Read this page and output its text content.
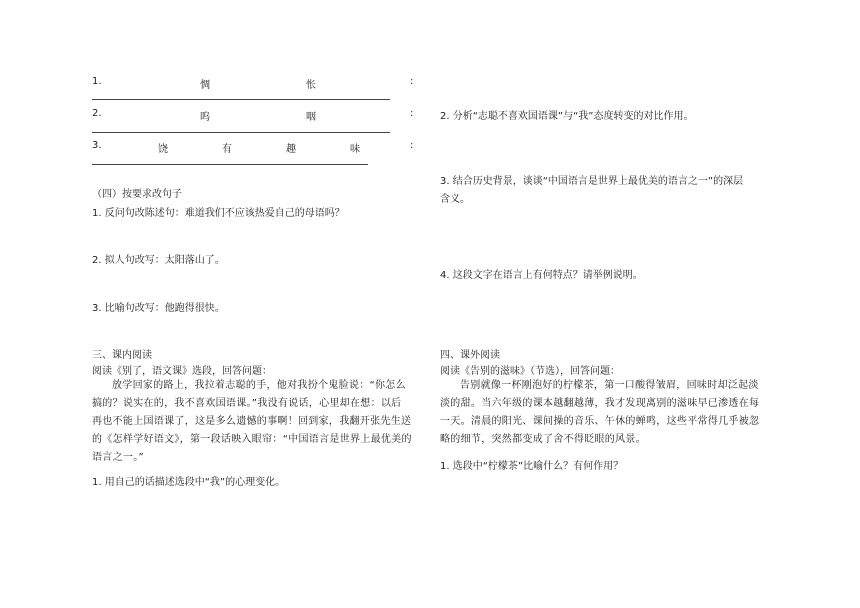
1.	惆	怅	:
2.	呜	咽	:
3.	饶	有	趣	味	:
（四）按要求改句子
1. 反问句改陈述句：难道我们不应该热爱自己的母语吗？
2. 拟人句改写：太阳落山了。
3. 比喻句改写：他跑得很快。
三、课内阅读
阅读《别了，语文课》选段，回答问题：
放学回家的路上，我拉着志聪的手，他对我扮个鬼脸说：“你怎么
搞的？说实在的，我不喜欢国语课。”我没有说话，心里却在想：以后
再也不能上国语课了，这是多么遗憾的事啊！回到家，我翻开张先生送
的《怎样学好语文》，第一段话映入眼帘：“中国语言是世界上最优美的
语言之一。”
1. 用自己的话描述选段中“我”的心理变化。
2. 分析“志聪不喜欢国语课”与“我”态度转变的对比作用。
3. 结合历史背景，谈谈“中国语言是世界上最优美的语言之一”的深层
含义。
4. 这段文字在语言上有何特点？请举例说明。
四、课外阅读
阅读《告别的滋味》（节选），回答问题：
告别就像一杯刚泡好的柠檬茶，第一口酸得皱眉，回味时却泛起淡
淡的甜。当六年级的课本越翻越薄，我才发现离别的滋味早已渗透在每
一天。清晨的阳光、课间操的音乐、午休的蝉鸣，这些平常得几乎被忽
略的细节，突然都变成了舍不得眨眼的风景。
1. 选段中“柠檬茶”比喻什么？有何作用？
